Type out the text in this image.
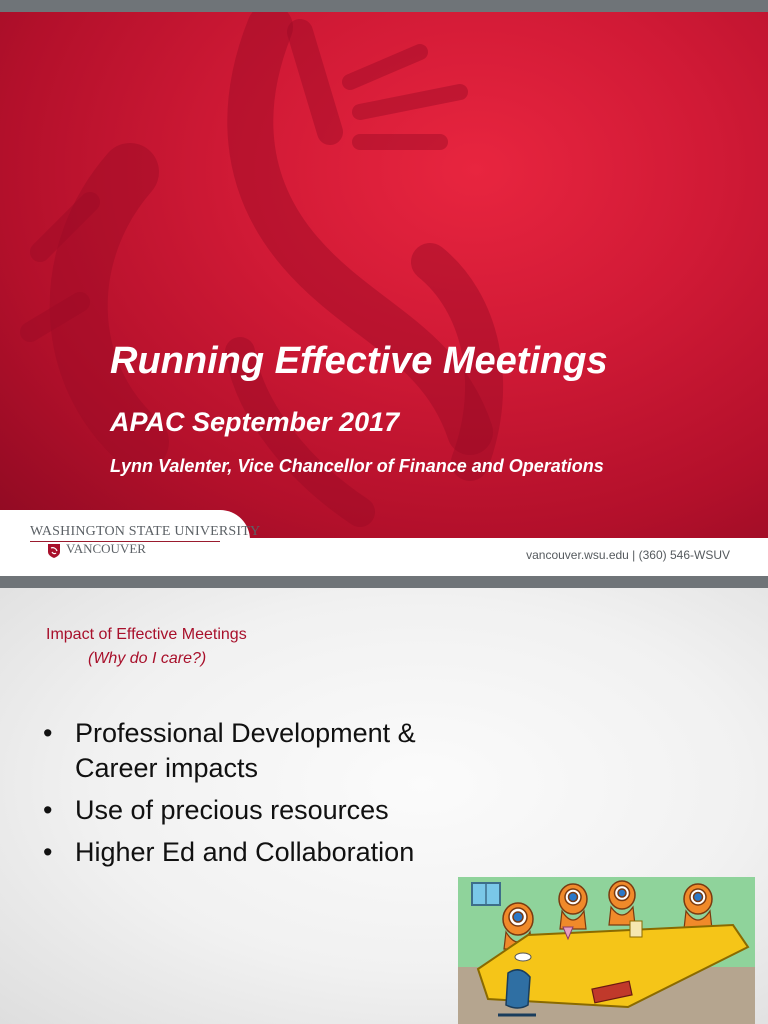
Running Effective Meetings
APAC September 2017
Lynn Valenter, Vice Chancellor of Finance and Operations
WASHINGTON STATE UNIVERSITY
VANCOUVER	vancouver.wsu.edu | (360) 546-WSUV
Impact of Effective Meetings
(Why do I care?)
• Professional Development & Career impacts
• Use of precious resources
• Higher Ed and Collaboration
